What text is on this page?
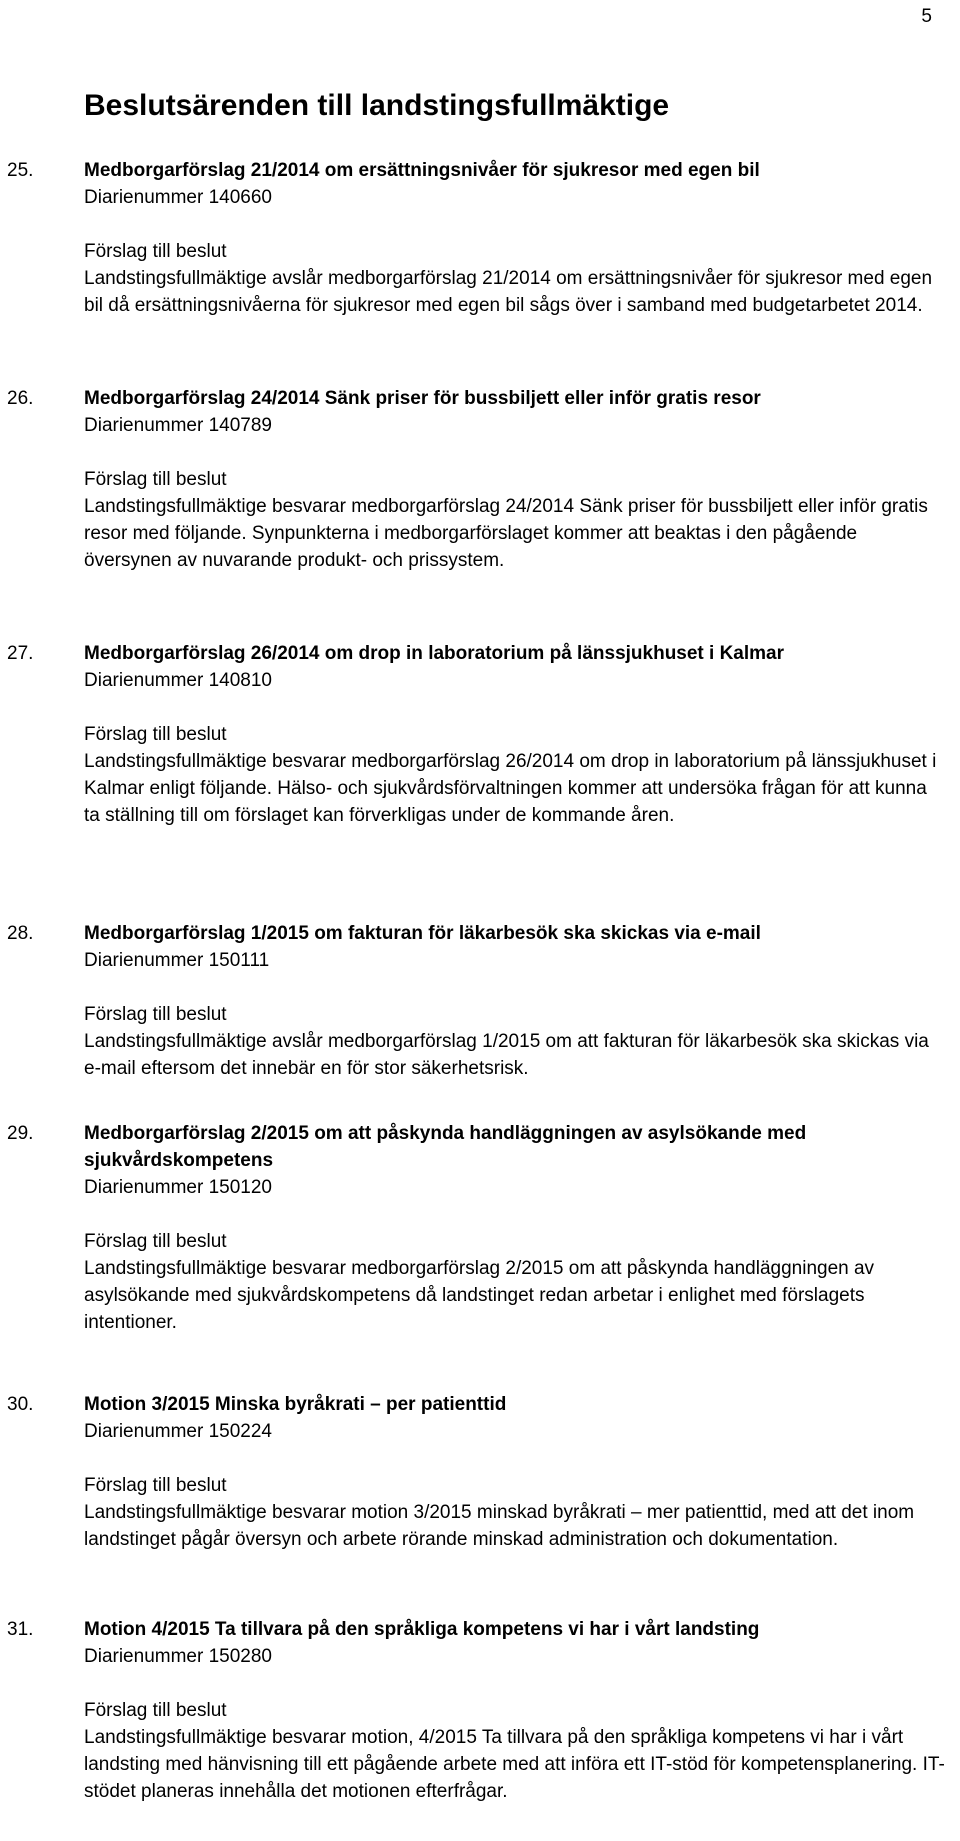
5
Beslutsärenden till landstingsfullmäktige
25.	Medborgarförslag 21/2014 om ersättningsnivåer för sjukresor med egen bil

Diarienummer 140660

Förslag till beslut

Landstingsfullmäktige avslår medborgarförslag 21/2014 om ersättningsnivåer för sjukresor med egen bil då ersättningsnivåerna för sjukresor med egen bil sågs över i samband med budgetarbetet 2014.

26.	Medborgarförslag 24/2014 Sänk priser för bussbiljett eller inför gratis resor

Diarienummer 140789

Förslag till beslut

Landstingsfullmäktige besvarar medborgarförslag 24/2014 Sänk priser för bussbiljett eller inför gratis resor med följande. Synpunkterna i medborgarförslaget kommer att beaktas i den pågående översynen av nuvarande produkt- och prissystem.

27.	Medborgarförslag 26/2014 om drop in laboratorium på länssjukhuset i Kalmar

Diarienummer 140810

Förslag till beslut

Landstingsfullmäktige besvarar medborgarförslag 26/2014 om drop in laboratorium på länssjukhuset i Kalmar enligt följande. Hälso- och sjukvårdsförvaltningen kommer att undersöka frågan för att kunna ta ställning till om förslaget kan förverkligas under de kommande åren.

28.	Medborgarförslag 1/2015 om fakturan för läkarbesök ska skickas via e-mail

Diarienummer 150111

Förslag till beslut

Landstingsfullmäktige avslår medborgarförslag 1/2015 om att fakturan för läkarbesök ska skickas via e-mail eftersom det innebär en för stor säkerhetsrisk.

29.	Medborgarförslag 2/2015 om att påskynda handläggningen av asylsökande med sjukvårdskompetens

Diarienummer 150120

Förslag till beslut

Landstingsfullmäktige besvarar medborgarförslag 2/2015 om att påskynda handläggningen av asylsökande med sjukvårdskompetens då landstinget redan arbetar i enlighet med förslagets intentioner.

30.	Motion 3/2015 Minska byråkrati – per patienttid

Diarienummer 150224

Förslag till beslut

Landstingsfullmäktige besvarar motion 3/2015 minskad byråkrati – mer patienttid, med att det inom landstinget pågår översyn och arbete rörande minskad administration och dokumentation.

31.	Motion 4/2015 Ta tillvara på den språkliga kompetens vi har i vårt landsting

Diarienummer 150280

Förslag till beslut

Landstingsfullmäktige besvarar motion, 4/2015 Ta tillvara på den språkliga kompetens vi har i vårt landsting med hänvisning till ett pågående arbete med att införa ett IT-stöd för kompetensplanering. IT-stödet planeras innehålla det motionen efterfrågar.
